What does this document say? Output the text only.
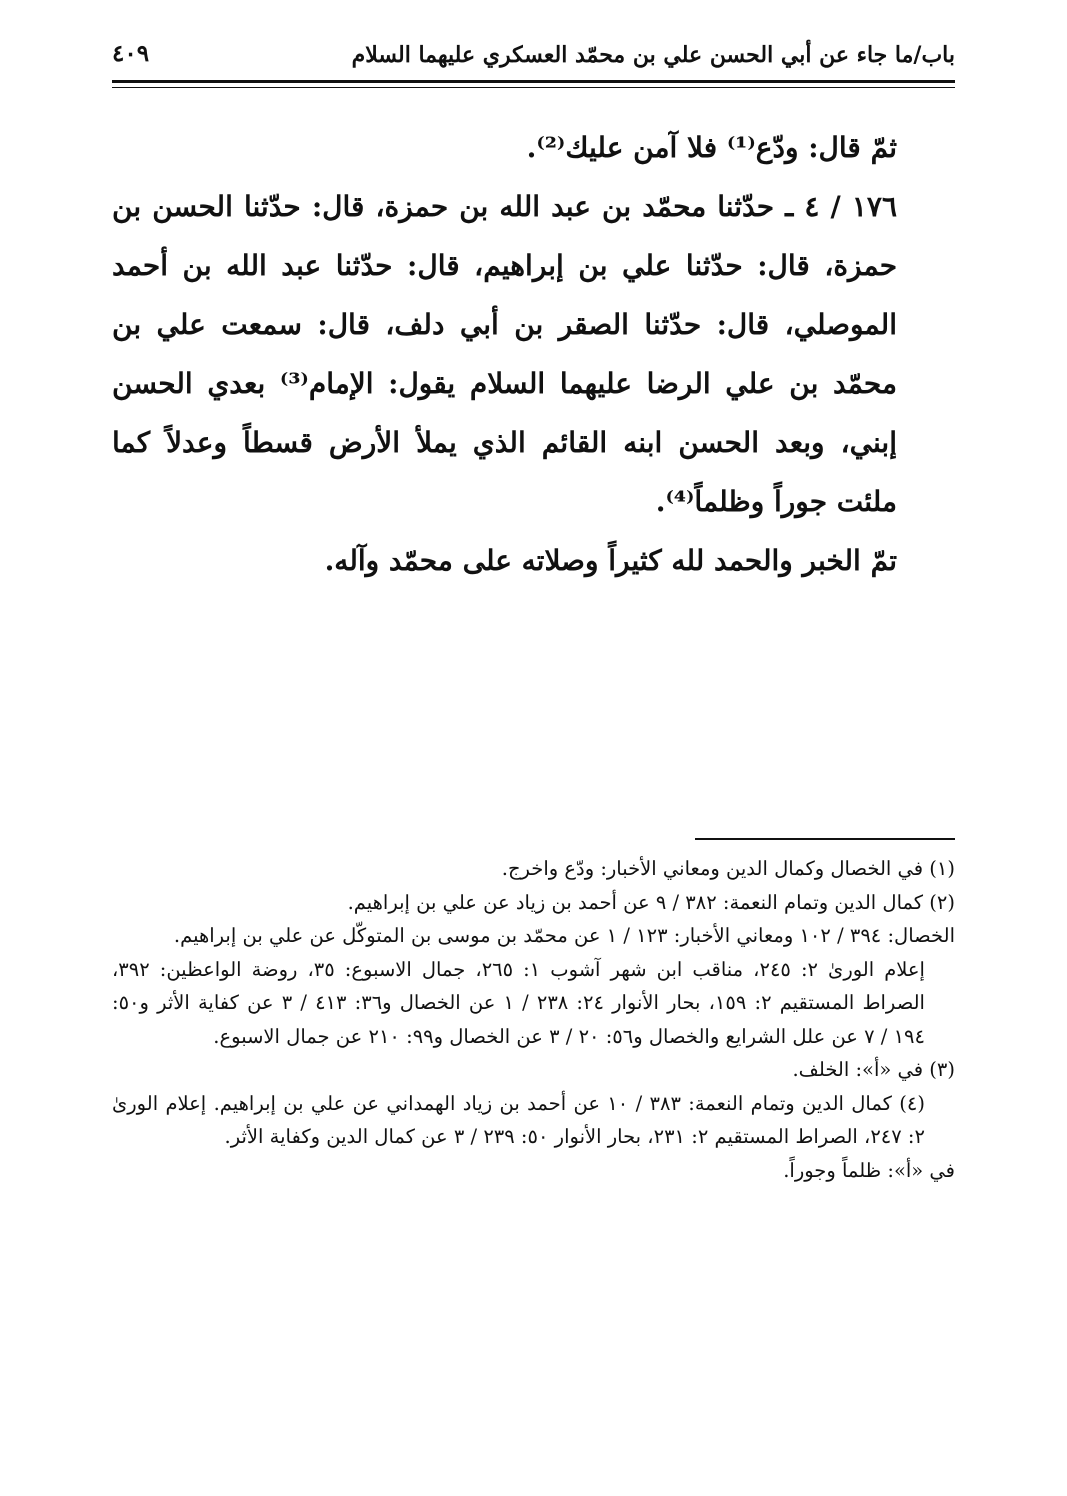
باب/ما جاء عن أبي الحسن علي بن محمّد العسكري عليهما السلام
٤٠٩

ثمّ قال: ودّع⁽¹⁾ فلا آمن عليك⁽²⁾.

١٧٦ / ٤ ـ حدّثنا محمّد بن عبد الله بن حمزة، قال: حدّثنا الحسن بن حمزة، قال: حدّثنا علي بن إبراهيم، قال: حدّثنا عبد الله بن أحمد الموصلي، قال: حدّثنا الصقر بن أبي دلف، قال: سمعت علي بن محمّد بن علي الرضا عليهما السلام يقول: الإمام⁽³⁾ بعدي الحسن إبني، وبعد الحسن ابنه القائم الذي يملأ الأرض قسطاً وعدلاً كما ملئت جوراً وظلماً⁽⁴⁾.

تمّ الخبر والحمد لله كثيراً وصلاته على محمّد وآله.

(١) في الخصال وكمال الدين ومعاني الأخبار: ودّع واخرج.

(٢) كمال الدين وتمام النعمة: ٣٨٢ / ٩ عن أحمد بن زياد عن علي بن إبراهيم.

الخصال: ٣٩٤ / ١٠٢ ومعاني الأخبار: ١٢٣ / ١ عن محمّد بن موسى بن المتوكّل عن علي بن إبراهيم.

إعلام الورىٰ ٢: ٢٤٥، مناقب ابن شهر آشوب ١: ٢٦٥، جمال الاسبوع: ٣٥، روضة الواعظين: ٣٩٢، الصراط المستقيم ٢: ١٥٩، بحار الأنوار ٢٤: ٢٣٨ / ١ عن الخصال و٣٦: ٤١٣ / ٣ عن كفاية الأثر و٥٠: ١٩٤ / ٧ عن علل الشرايع والخصال و٥٦: ٢٠ / ٣ عن الخصال و٩٩: ٢١٠ عن جمال الاسبوع.

(٣) في «أ»: الخلف.

(٤) كمال الدين وتمام النعمة: ٣٨٣ / ١٠ عن أحمد بن زياد الهمداني عن علي بن إبراهيم. إعلام الورىٰ ٢: ٢٤٧، الصراط المستقيم ٢: ٢٣١، بحار الأنوار ٥٠: ٢٣٩ / ٣ عن كمال الدين وكفاية الأثر.

في «أ»: ظلماً وجوراً.
